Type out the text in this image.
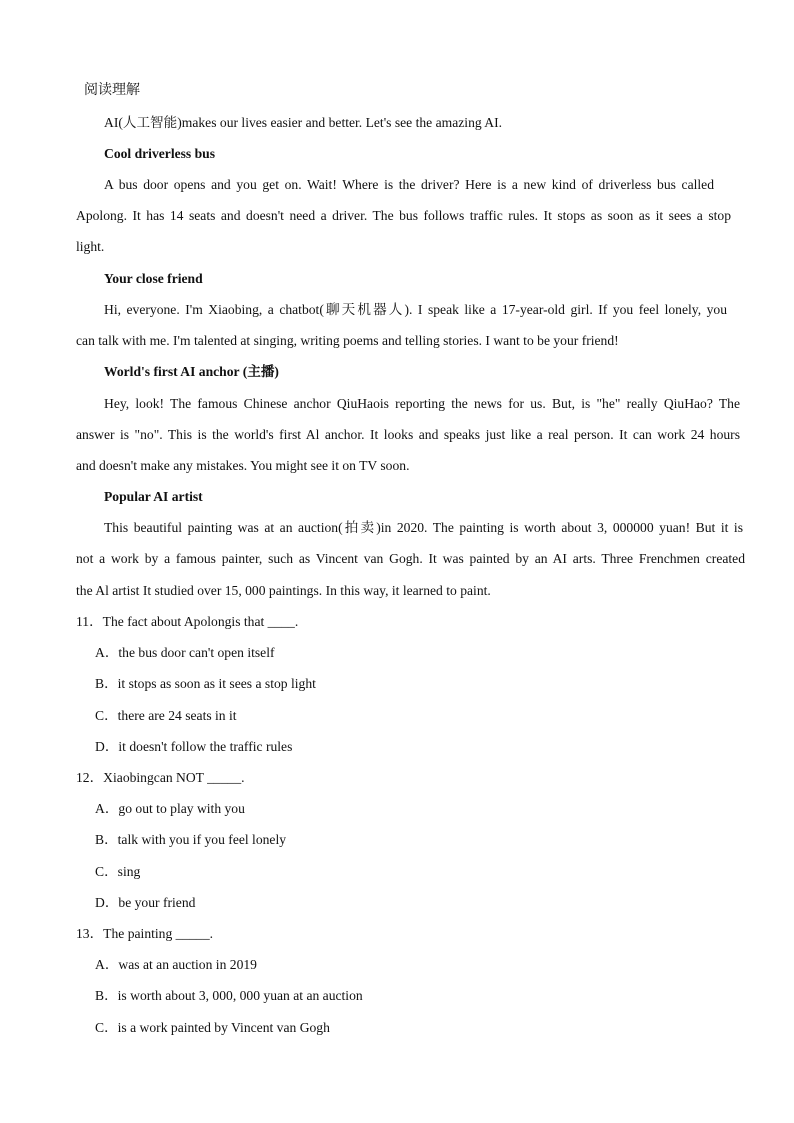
阅读理解
AI(人工智能)makes our lives easier and better. Let's see the amazing AI.
Cool driverless bus
A bus door opens and you get on. Wait! Where is the driver? Here is a new kind of driverless bus called
Apolong. It has 14 seats and doesn't need a driver. The bus follows traffic rules. It stops as soon as it sees a stop
light.
Your close friend
Hi, everyone. I'm Xiaobing, a chatbot(聊天机器人). I speak like a 17-year-old girl. If you feel lonely, you
can talk with me. I'm talented at singing, writing poems and telling stories. I want to be your friend!
World's first AI anchor (主播)
Hey, look! The famous Chinese anchor QiuHaois reporting the news for us. But, is "he" really QiuHao? The
answer is "no". This is the world's first Al anchor. It looks and speaks just like a real person. It can work 24 hours
and doesn't make any mistakes. You might see it on TV soon.
Popular AI artist
This beautiful painting was at an auction(拍卖)in 2020. The painting is worth about 3, 000000 yuan! But it is
not a work by a famous painter, such as Vincent van Gogh. It was painted by an AI arts. Three Frenchmen created
the Al artist It studied over 15, 000 paintings. In this way, it learned to paint.
11．The fact about Apolongis that ____.
A．the bus door can't open itself
B．it stops as soon as it sees a stop light
C．there are 24 seats in it
D．it doesn't follow the traffic rules
12．Xiaobingcan NOT _____.
A．go out to play with you
B．talk with you if you feel lonely
C．sing
D．be your friend
13．The painting _____.
A．was at an auction in 2019
B．is worth about 3, 000, 000 yuan at an auction
C．is a work painted by Vincent van Gogh
